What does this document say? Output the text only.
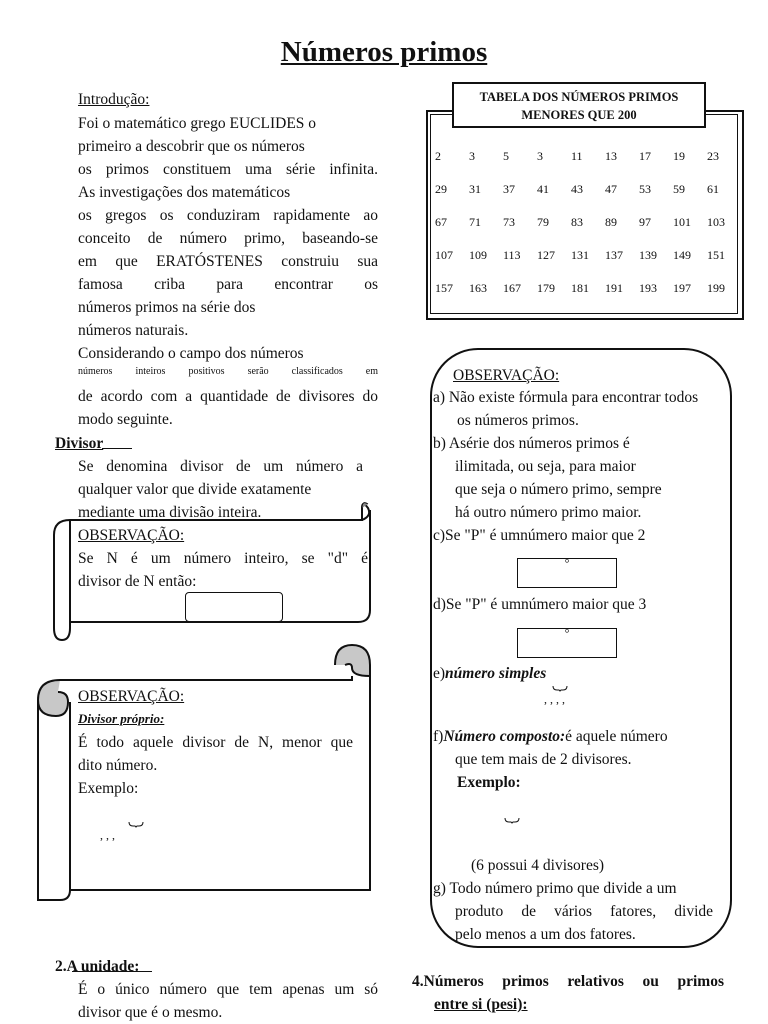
Números primos
Introdução:
Foi o matemático grego EUCLIDES o
primeiro a descobrir que os números
os primos constituem uma série infinita.
As investigações dos matemáticos
os gregos os conduziram rapidamente ao
conceito de número primo, baseando-se
em que ERATÓSTENES construiu sua
famosa criba para encontrar os
números primos na série dos
números naturais.
Considerando o campo dos números
números inteiros positivos serão classificados em
de acordo com a quantidade de divisores do
modo seguinte.
Divisor
Se denomina divisor de um número a
qualquer valor que divide exatamente
mediante uma divisão inteira.
OBSERVAÇÃO:
Se N é um número inteiro, se "d" é
divisor de N então:
OBSERVAÇÃO:
Divisor próprio:
É todo aquele divisor de N, menor que
dito número.
Exemplo:
, , ,
2.A unidade:
É o único número que tem apenas um só
divisor que é o mesmo.
TABELA DOS NÚMEROS PRIMOS
MENORES QUE 200
2	3	5	3	11	13	17	19	23
29	31	37	41	43	47	53	59	61
67	71	73	79	83	89	97	101	103
107	109	113	127	131	137	139	149	151
157	163	167	179	181	191	193	197	199
OBSERVAÇÃO:
a) Não existe fórmula para encontrar todos
os números primos.
b) Asérie dos números primos é
ilimitada, ou seja, para maior
que seja o número primo, sempre
há outro número primo maior.
c)Se "P" é umnúmero maior que 2
°
d)Se "P" é umnúmero maior que 3
°
e)número simples
, , , ,
f)Número composto:é aquele número
que tem mais de 2 divisores.
Exemplo:
(6 possui 4 divisores)
g) Todo número primo que divide a um
produto de vários fatores, divide
pelo menos a um dos fatores.
4.Números primos relativos ou primos
entre si (pesi):
